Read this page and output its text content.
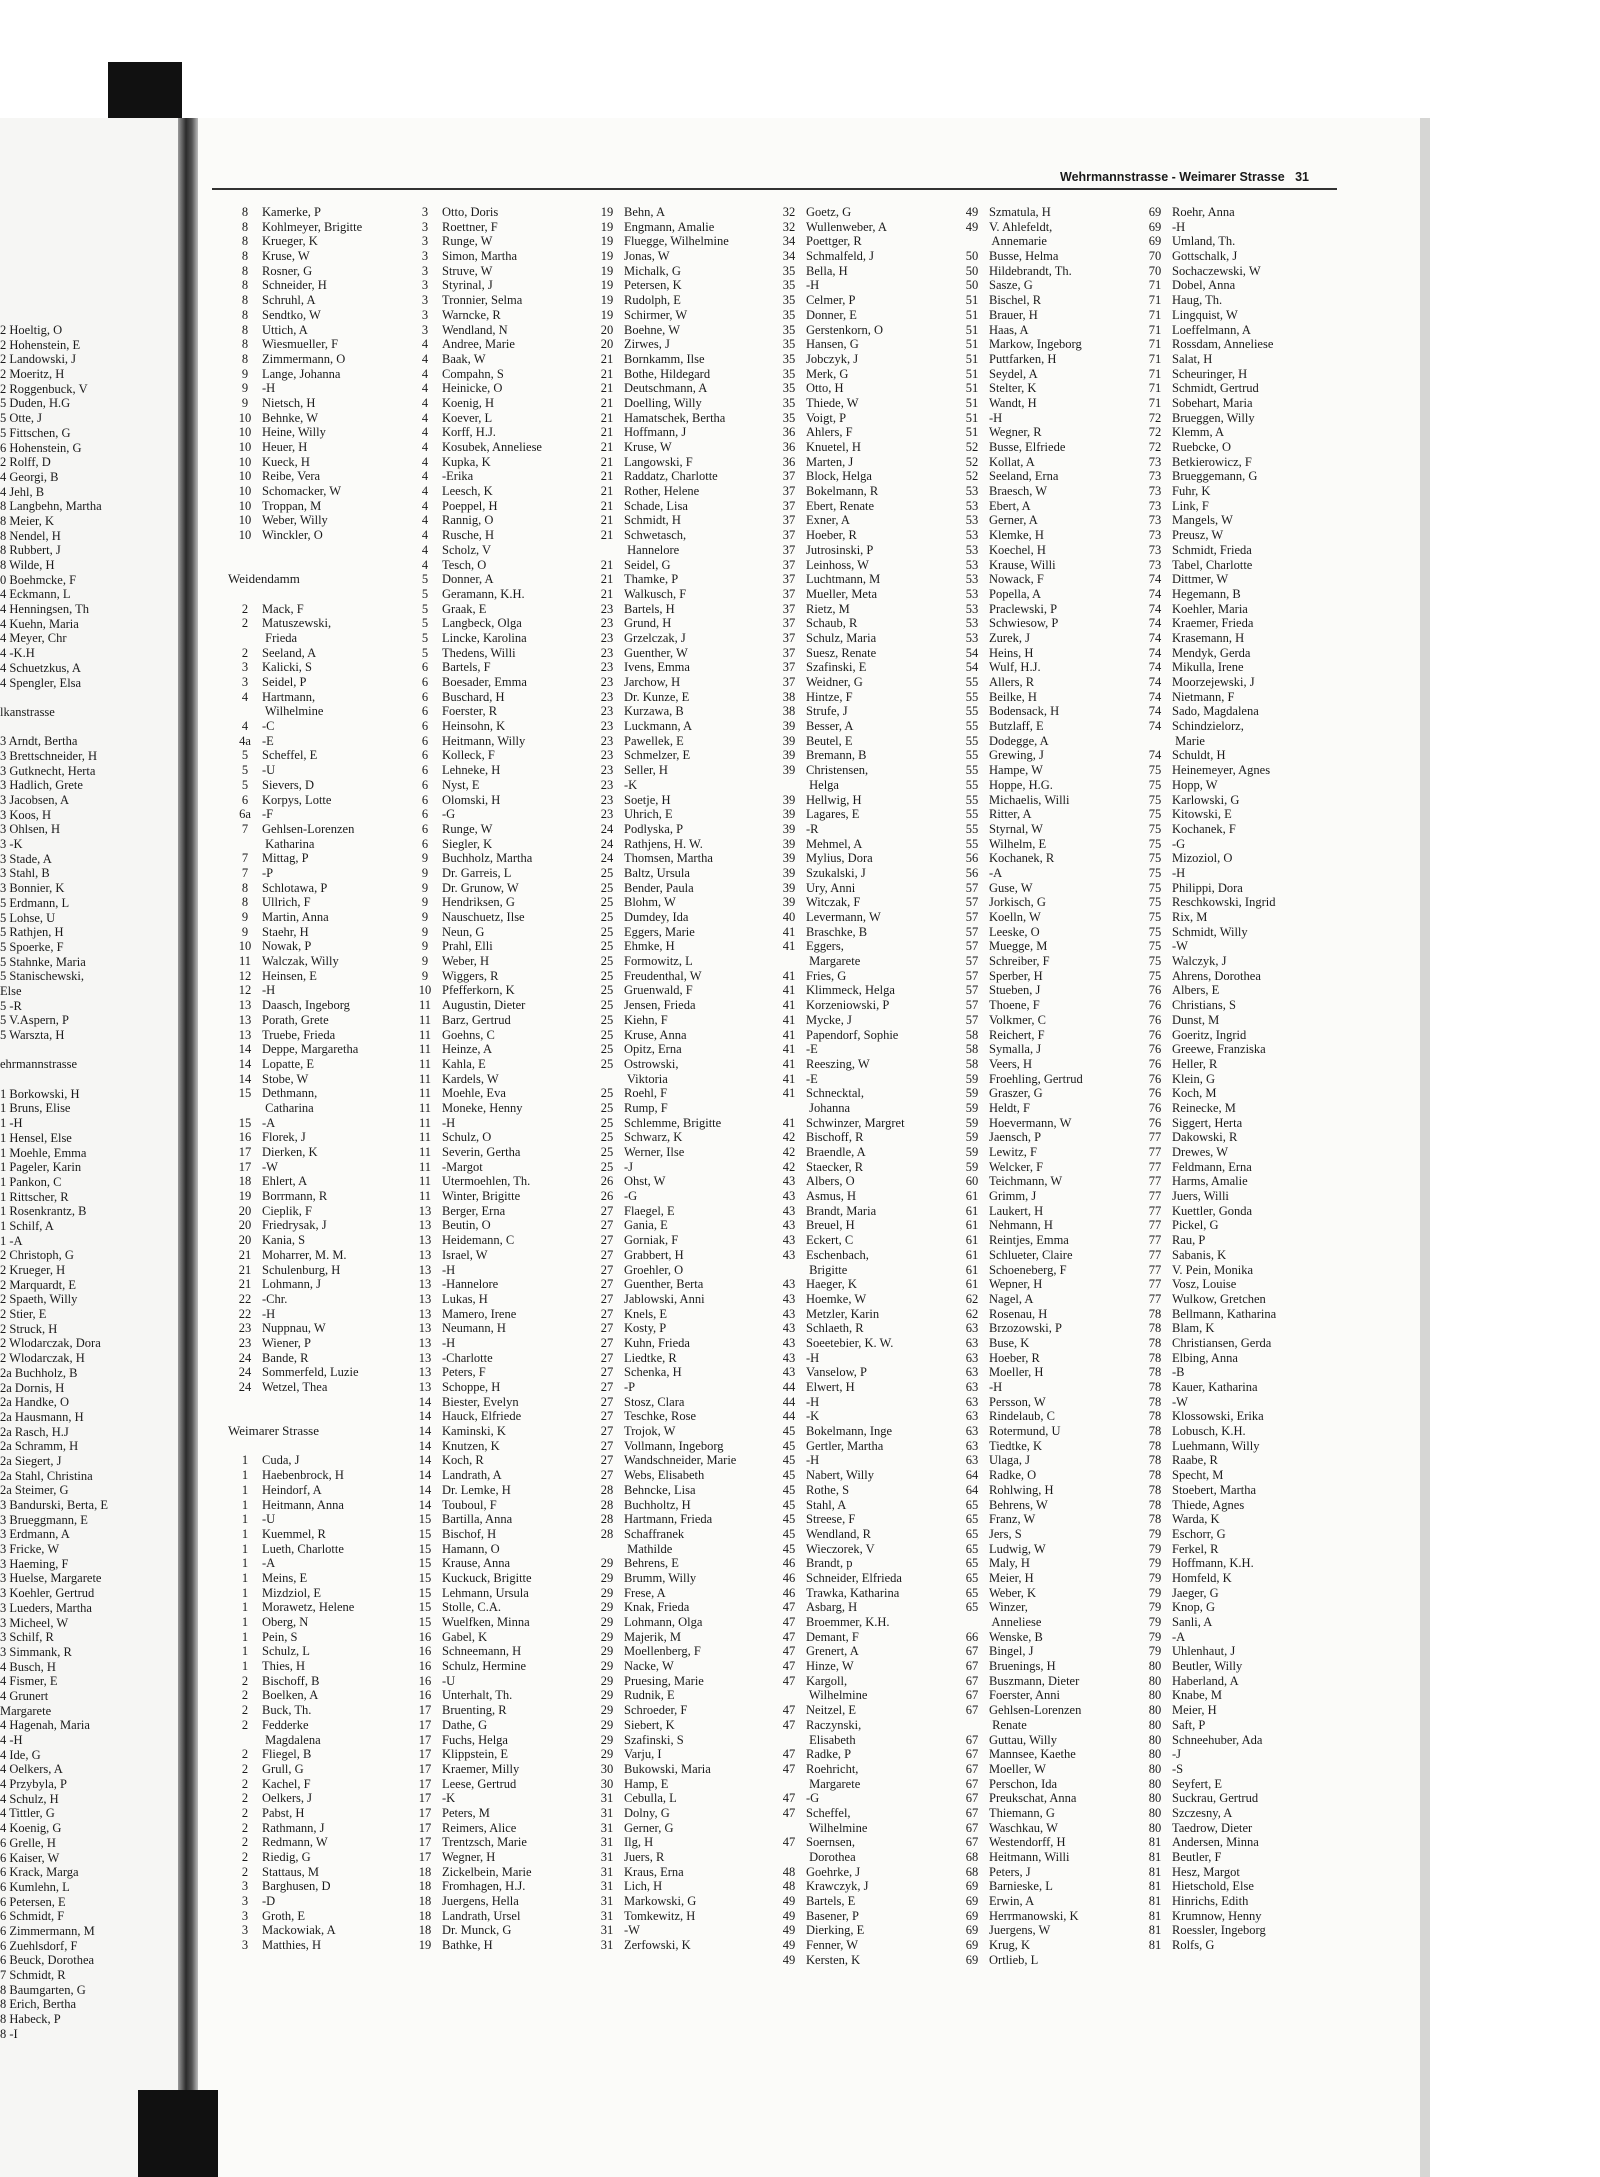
2 Hoeltig, O
2 Hohenstein, E
2 Landowski, J
2 Moeritz, H
2 Roggenbuck, V
5 Duden, H.G
5 Otte, J
5 Fittschen, G
6 Hohenstein, G
2 Rolff, D
4 Georgi, B
4 Jehl, B
8 Langbehn, Martha
8 Meier, K
8 Nendel, H
8 Rubbert, J
8 Wilde, H
0 Boehmcke, F
4 Eckmann, L
4 Henningsen, Th
4 Kuehn, Maria
4 Meyer, Chr
4 -K.H
4 Schuetzkus, A
4 Spengler, Elsa
lkanstrasse
3 Arndt, Bertha
3 Brettschneider, H
3 Gutknecht, Herta
3 Hadlich, Grete
3 Jacobsen, A
3 Koos, H
3 Ohlsen, H
3 -K
3 Stade, A
3 Stahl, B
3 Bonnier, K
5 Erdmann, L
5 Lohse, U
5 Rathjen, H
5 Spoerke, F
5 Stahnke, Maria
5 Stanischewski,
Else
5 -R
5 V.Aspern, P
5 Warszta, H
ehrmannstrasse
1 Borkowski, H
1 Bruns, Elise
1 -H
1 Hensel, Else
1 Moehle, Emma
1 Pageler, Karin
1 Pankon, C
1 Rittscher, R
1 Rosenkrantz, B
1 Schilf, A
1 -A
2 Christoph, G
2 Krueger, H
2 Marquardt, E
2 Spaeth, Willy
2 Stier, E
2 Struck, H
2 Wlodarczak, Dora
2 Wlodarczak, H
2a Buchholz, B
2a Dornis, H
2a Handke, O
2a Hausmann, H
2a Rasch, H.J
2a Schramm, H
2a Siegert, J
2a Stahl, Christina
2a Steimer, G
3 Bandurski, Berta, E
3 Brueggmann, E
3 Erdmann, A
3 Fricke, W
3 Haeming, F
3 Huelse, Margarete
3 Koehler, Gertrud
3 Lueders, Martha
3 Micheel, W
3 Schilf, R
3 Simmank, R
4 Busch, H
4 Fismer, E
4 Grunert
Margarete
4 Hagenah, Maria
4 -H
4 Ide, G
4 Oelkers, A
4 Przybyla, P
4 Schulz, H
4 Tittler, G
4 Koenig, G
6 Grelle, H
6 Kaiser, W
6 Krack, Marga
6 Kumlehn, L
6 Petersen, E
6 Schmidt, F
6 Zimmermann, M
6 Zuehlsdorf, F
6 Beuck, Dorothea
7 Schmidt, R
8 Baumgarten, G
8 Erich, Bertha
8 Habeck, P
8 -I
Wehrmannstrasse - Weimarer Strasse 31
8 Kamerke, P
8 Kohlmeyer, Brigitte
8 Krueger, K
8 Kruse, W
8 Rosner, G
8 Schneider, H
8 Schruhl, A
8 Sendtko, W
8 Uttich, A
8 Wiesmueller, F
8 Zimmermann, O
9 Lange, Johanna
9 -H
9 Nietsch, H
10 Behnke, W
10 Heine, Willy
10 Heuer, H
10 Kueck, H
10 Reibe, Vera
10 Schomacker, W
10 Troppan, M
10 Weber, Willy
10 Winckler, O
Weidendamm
2 Mack, F
2 Matuszewski,
Frieda
2 Seeland, A
3 Kalicki, S
3 Seidel, P
4 Hartmann,
Wilhelmine
4 -C
4a -E
5 Scheffel, E
5 -U
5 Sievers, D
6 Korpys, Lotte
6a -F
7 Gehlsen-Lorenzen
Katharina
7 Mittag, P
7 -P
8 Schlotawa, P
8 Ullrich, F
9 Martin, Anna
9 Staehr, H
10 Nowak, P
11 Walczak, Willy
12 Heinsen, E
12 -H
13 Daasch, Ingeborg
13 Porath, Grete
13 Truebe, Frieda
14 Deppe, Margaretha
14 Lopatte, E
14 Stobe, W
15 Dethmann,
Catharina
15 -A
16 Florek, J
17 Dierken, K
17 -W
18 Ehlert, A
19 Borrmann, R
20 Cieplik, F
20 Friedrysak, J
20 Kania, S
21 Moharrer, M. M.
21 Schulenburg, H
21 Lohmann, J
22 -Chr.
22 -H
23 Nuppnau, W
23 Wiener, P
24 Bande, R
24 Sommerfeld, Luzie
24 Wetzel, Thea
Weimarer Strasse
1 Cuda, J
1 Haebenbrock, H
1 Heindorf, A
1 Heitmann, Anna
1 -U
1 Kuemmel, R
1 Lueth, Charlotte
1 -A
1 Meins, E
1 Mizdziol, E
1 Morawetz, Helene
1 Oberg, N
1 Pein, S
1 Schulz, L
1 Thies, H
2 Bischoff, B
2 Boelken, A
2 Buck, Th.
2 Fedderke
Magdalena
2 Fliegel, B
2 Grull, G
2 Kachel, F
2 Oelkers, J
2 Pabst, H
2 Rathmann, J
2 Redmann, W
2 Riedig, G
2 Stattaus, M
3 Barghusen, D
3 -D
3 Groth, E
3 Mackowiak, A
3 Matthies, H
3 Otto, Doris
3 Roettner, F
3 Runge, W
3 Simon, Martha
3 Struve, W
3 Styrinal, J
3 Tronnier, Selma
3 Warncke, R
3 Wendland, N
4 Andree, Marie
4 Baak, W
4 Compahn, S
4 Heinicke, O
4 Koenig, H
4 Koever, L
4 Korff, H.J.
4 Kosubek, Anneliese
4 Kupka, K
4 -Erika
4 Leesch, K
4 Poeppel, H
4 Rannig, O
4 Rusche, H
4 Scholz, V
4 Tesch, O
5 Donner, A
5 Geramann, K.H.
5 Graak, E
5 Langbeck, Olga
5 Lincke, Karolina
5 Thedens, Willi
6 Bartels, F
6 Boesader, Emma
6 Buschard, H
6 Foerster, R
6 Heinsohn, K
6 Heitmann, Willy
6 Kolleck, F
6 Lehneke, H
6 Nyst, E
6 Olomski, H
6 -G
6 Runge, W
6 Siegler, K
9 Buchholz, Martha
9 Dr. Garreis, L
9 Dr. Grunow, W
9 Hendriksen, G
9 Nauschuetz, Ilse
9 Neun, G
9 Prahl, Elli
9 Weber, H
9 Wiggers, R
10 Pfefferkorn, K
11 Augustin, Dieter
11 Barz, Gertrud
11 Goehns, C
11 Heinze, A
11 Kahla, E
11 Kardels, W
11 Moehle, Eva
11 Moneke, Henny
11 -H
11 Schulz, O
11 Severin, Gertha
11 -Margot
11 Utermoehlen, Th.
11 Winter, Brigitte
13 Berger, Erna
13 Beutin, O
13 Heidemann, C
13 Israel, W
13 -H
13 -Hannelore
13 Lukas, H
13 Mamero, Irene
13 Neumann, H
13 -H
13 -Charlotte
13 Peters, F
13 Schoppe, H
14 Biester, Evelyn
14 Hauck, Elfriede
14 Kaminski, K
14 Knutzen, K
14 Koch, R
14 Landrath, A
14 Dr. Lemke, H
14 Touboul, F
15 Bartilla, Anna
15 Bischof, H
15 Hamann, O
15 Krause, Anna
15 Kuckuck, Brigitte
15 Lehmann, Ursula
15 Stolle, C.A.
15 Wuelfken, Minna
16 Gabel, K
16 Schneemann, H
16 Schulz, Hermine
16 -U
16 Unterhalt, Th.
17 Bruenting, R
17 Dathe, G
17 Fuchs, Helga
17 Klippstein, E
17 Kraemer, Milly
17 Leese, Gertrud
17 -K
17 Peters, M
17 Reimers, Alice
17 Trentzsch, Marie
17 Wegner, H
18 Zickelbein, Marie
18 Fromhagen, H.J.
18 Juergens, Hella
18 Landrath, Ursel
18 Dr. Munck, G
19 Bathke, H
19 Behn, A
19 Engmann, Amalie
19 Fluegge, Wilhelmine
19 Jonas, W
19 Michalk, G
19 Petersen, K
19 Rudolph, E
19 Schirmer, W
20 Boehne, W
20 Zirwes, J
21 Bornkamm, Ilse
21 Bothe, Hildegard
21 Deutschmann, A
21 Doelling, Willy
21 Hamatschek, Bertha
21 Hoffmann, J
21 Kruse, W
21 Langowski, F
21 Raddatz, Charlotte
21 Rother, Helene
21 Schade, Lisa
21 Schmidt, H
21 Schwetasch,
Hannelore
21 Seidel, G
21 Thamke, P
21 Walkusch, F
23 Bartels, H
23 Grund, H
23 Grzelczak, J
23 Guenther, W
23 Ivens, Emma
23 Jarchow, H
23 Dr. Kunze, E
23 Kurzawa, B
23 Luckmann, A
23 Pawellek, E
23 Schmelzer, E
23 Seller, H
23 -K
23 Soetje, H
23 Uhrich, E
24 Podlyska, P
24 Rathjens, H. W.
24 Thomsen, Martha
25 Baltz, Ursula
25 Bender, Paula
25 Blohm, W
25 Dumdey, Ida
25 Eggers, Marie
25 Ehmke, H
25 Formowitz, L
25 Freudenthal, W
25 Gruenwald, F
25 Jensen, Frieda
25 Kiehn, F
25 Kruse, Anna
25 Opitz, Erna
25 Ostrowski,
Viktoria
25 Roehl, F
25 Rump, F
25 Schlemme, Brigitte
25 Schwarz, K
25 Werner, Ilse
25 -J
26 Ohst, W
26 -G
27 Flaegel, E
27 Gania, E
27 Gorniak, F
27 Grabbert, H
27 Groehler, O
27 Guenther, Berta
27 Jablowski, Anni
27 Knels, E
27 Kosty, P
27 Kuhn, Frieda
27 Liedtke, R
27 Schenka, H
27 -P
27 Stosz, Clara
27 Teschke, Rose
27 Trojok, W
27 Vollmann, Ingeborg
27 Wandschneider, Marie
27 Webs, Elisabeth
28 Behncke, Lisa
28 Buchholtz, H
28 Hartmann, Frieda
28 Schaffranek
Mathilde
29 Behrens, E
29 Brumm, Willy
29 Frese, A
29 Knak, Frieda
29 Lohmann, Olga
29 Majerik, M
29 Moellenberg, F
29 Nacke, W
29 Pruesing, Marie
29 Rudnik, E
29 Schroeder, F
29 Siebert, K
29 Szafinski, S
29 Varju, I
30 Bukowski, Maria
30 Hamp, E
31 Cebulla, L
31 Dolny, G
31 Gerner, G
31 Ilg, H
31 Juers, R
31 Kraus, Erna
31 Lich, H
31 Markowski, G
31 Tomkewitz, H
31 -W
31 Zerfowski, K
32 Goetz, G
32 Wullenweber, A
34 Poettger, R
34 Schmalfeld, J
35 Bella, H
35 -H
35 Celmer, P
35 Donner, E
35 Gerstenkorn, O
35 Hansen, G
35 Jobczyk, J
35 Merk, G
35 Otto, H
35 Thiede, W
35 Voigt, P
36 Ahlers, F
36 Knuetel, H
36 Marten, J
37 Block, Helga
37 Bokelmann, R
37 Ebert, Renate
37 Exner, A
37 Hoeber, R
37 Jutrosinski, P
37 Leinhoss, W
37 Luchtmann, M
37 Mueller, Meta
37 Rietz, M
37 Schaub, R
37 Schulz, Maria
37 Suesz, Renate
37 Szafinski, E
37 Weidner, G
38 Hintze, F
38 Strufe, J
39 Besser, A
39 Beutel, E
39 Bremann, B
39 Christensen,
Helga
39 Hellwig, H
39 Lagares, E
39 -R
39 Mehmel, A
39 Mylius, Dora
39 Szukalski, J
39 Ury, Anni
39 Witczak, F
40 Levermann, W
41 Braschke, B
41 Eggers,
Margarete
41 Fries, G
41 Klimmeck, Helga
41 Korzeniowski, P
41 Mycke, J
41 Papendorf, Sophie
41 -E
41 Reeszing, W
41 -E
41 Schnecktal,
Johanna
41 Schwinzer, Margret
42 Bischoff, R
42 Braendle, A
42 Staecker, R
43 Albers, O
43 Asmus, H
43 Brandt, Maria
43 Breuel, H
43 Eckert, C
43 Eschenbach,
Brigitte
43 Haeger, K
43 Hoemke, W
43 Metzler, Karin
43 Schlaeth, R
43 Soeetebier, K. W.
43 -H
43 Vanselow, P
44 Elwert, H
44 -H
44 -K
45 Bokelmann, Inge
45 Gertler, Martha
45 -H
45 Nabert, Willy
45 Rothe, S
45 Stahl, A
45 Streese, F
45 Wendland, R
45 Wieczorek, V
46 Brandt, p
46 Schneider, Elfrieda
46 Trawka, Katharina
47 Asbarg, H
47 Broemmer, K.H.
47 Demant, F
47 Grenert, A
47 Hinze, W
47 Kargoll,
Wilhelmine
47 Neitzel, E
47 Raczynski,
Elisabeth
47 Radke, P
47 Roehricht,
Margarete
47 -G
47 Scheffel,
Wilhelmine
47 Soernsen,
Dorothea
48 Goehrke, J
48 Krawczyk, J
49 Bartels, E
49 Basener, P
49 Dierking, E
49 Fenner, W
49 Kersten, K
49 Szmatula, H
49 V. Ahlefeldt,
Annemarie
50 Busse, Helma
50 Hildebrandt, Th.
50 Sasze, G
51 Bischel, R
51 Brauer, H
51 Haas, A
51 Markow, Ingeborg
51 Puttfarken, H
51 Seydel, A
51 Stelter, K
51 Wandt, H
51 -H
51 Wegner, R
52 Busse, Elfriede
52 Kollat, A
52 Seeland, Erna
53 Braesch, W
53 Ebert, A
53 Gerner, A
53 Klemke, H
53 Koechel, H
53 Krause, Willi
53 Nowack, F
53 Popella, A
53 Praclewski, P
53 Schwiesow, P
53 Zurek, J
54 Heins, H
54 Wulf, H.J.
55 Allers, R
55 Beilke, H
55 Bodensack, H
55 Butzlaff, E
55 Dodegge, A
55 Grewing, J
55 Hampe, W
55 Hoppe, H.G.
55 Michaelis, Willi
55 Ritter, A
55 Styrnal, W
55 Wilhelm, E
56 Kochanek, R
56 -A
57 Guse, W
57 Jorkisch, G
57 Koelln, W
57 Leeske, O
57 Muegge, M
57 Schreiber, F
57 Sperber, H
57 Stueben, J
57 Thoene, F
57 Volkmer, C
58 Reichert, F
58 Symalla, J
58 Veers, H
59 Froehling, Gertrud
59 Graszer, G
59 Heldt, F
59 Hoevermann, W
59 Jaensch, P
59 Lewitz, F
59 Welcker, F
60 Teichmann, W
61 Grimm, J
61 Laukert, H
61 Nehmann, H
61 Reintjes, Emma
61 Schlueter, Claire
61 Schoeneberg, F
61 Wepner, H
62 Nagel, A
62 Rosenau, H
63 Brzozowski, P
63 Buse, K
63 Hoeber, R
63 Moeller, H
63 -H
63 Persson, W
63 Rindelaub, C
63 Rotermund, U
63 Tiedtke, K
63 Ulaga, J
64 Radke, O
64 Rohlwing, H
65 Behrens, W
65 Franz, W
65 Jers, S
65 Ludwig, W
65 Maly, H
65 Meier, H
65 Weber, K
65 Winzer,
Anneliese
66 Wenske, B
67 Bingel, J
67 Bruenings, H
67 Buszmann, Dieter
67 Foerster, Anni
67 Gehlsen-Lorenzen
Renate
67 Guttau, Willy
67 Mannsee, Kaethe
67 Moeller, W
67 Perschon, Ida
67 Preukschat, Anna
67 Thiemann, G
67 Waschkau, W
67 Westendorff, H
68 Heitmann, Willi
68 Peters, J
69 Barnieske, L
69 Erwin, A
69 Herrmanowski, K
69 Juergens, W
69 Krug, K
69 Ortlieb, L
69 Roehr, Anna
69 -H
69 Umland, Th.
70 Gottschalk, J
70 Sochaczewski, W
71 Dobel, Anna
71 Haug, Th.
71 Lingquist, W
71 Loeffelmann, A
71 Rossdam, Anneliese
71 Salat, H
71 Scheuringer, H
71 Schmidt, Gertrud
71 Sobehart, Maria
72 Brueggen, Willy
72 Klemm, A
72 Ruebcke, O
73 Betkierowicz, F
73 Brueggemann, G
73 Fuhr, K
73 Link, F
73 Mangels, W
73 Preusz, W
73 Schmidt, Frieda
73 Tabel, Charlotte
74 Dittmer, W
74 Hegemann, B
74 Koehler, Maria
74 Kraemer, Frieda
74 Krasemann, H
74 Mendyk, Gerda
74 Mikulla, Irene
74 Moorzejewski, J
74 Nietmann, F
74 Sado, Magdalena
74 Schindzielorz,
Marie
74 Schuldt, H
75 Heinemeyer, Agnes
75 Hopp, W
75 Karlowski, G
75 Kitowski, E
75 Kochanek, F
75 -G
75 Mizoziol, O
75 -H
75 Philippi, Dora
75 Reschkowski, Ingrid
75 Rix, M
75 Schmidt, Willy
75 -W
75 Walczyk, J
75 Ahrens, Dorothea
76 Albers, E
76 Christians, S
76 Dunst, M
76 Goeritz, Ingrid
76 Greewe, Franziska
76 Heller, R
76 Klein, G
76 Koch, M
76 Reinecke, M
76 Siggert, Herta
77 Dakowski, R
77 Drewes, W
77 Feldmann, Erna
77 Harms, Amalie
77 Juers, Willi
77 Kuettler, Gonda
77 Pickel, G
77 Rau, P
77 Sabanis, K
77 V. Pein, Monika
77 Vosz, Louise
77 Wulkow, Gretchen
78 Bellmann, Katharina
78 Blam, K
78 Christiansen, Gerda
78 Elbing, Anna
78 -B
78 Kauer, Katharina
78 -W
78 Klossowski, Erika
78 Lobusch, K.H.
78 Luehmann, Willy
78 Raabe, R
78 Specht, M
78 Stoebert, Martha
78 Thiede, Agnes
78 Warda, K
79 Eschorr, G
79 Ferkel, R
79 Hoffmann, K.H.
79 Homfeld, K
79 Jaeger, G
79 Knop, G
79 Sanli, A
79 -A
79 Uhlenhaut, J
80 Beutler, Willy
80 Haberland, A
80 Knabe, M
80 Meier, H
80 Saft, P
80 Schneehuber, Ada
80 -J
80 -S
80 Seyfert, E
80 Suckrau, Gertrud
80 Szczesny, A
80 Taedrow, Dieter
81 Andersen, Minna
81 Beutler, F
81 Hesz, Margot
81 Hietschold, Else
81 Hinrichs, Edith
81 Krumnow, Henny
81 Roessler, Ingeborg
81 Rolfs, G
